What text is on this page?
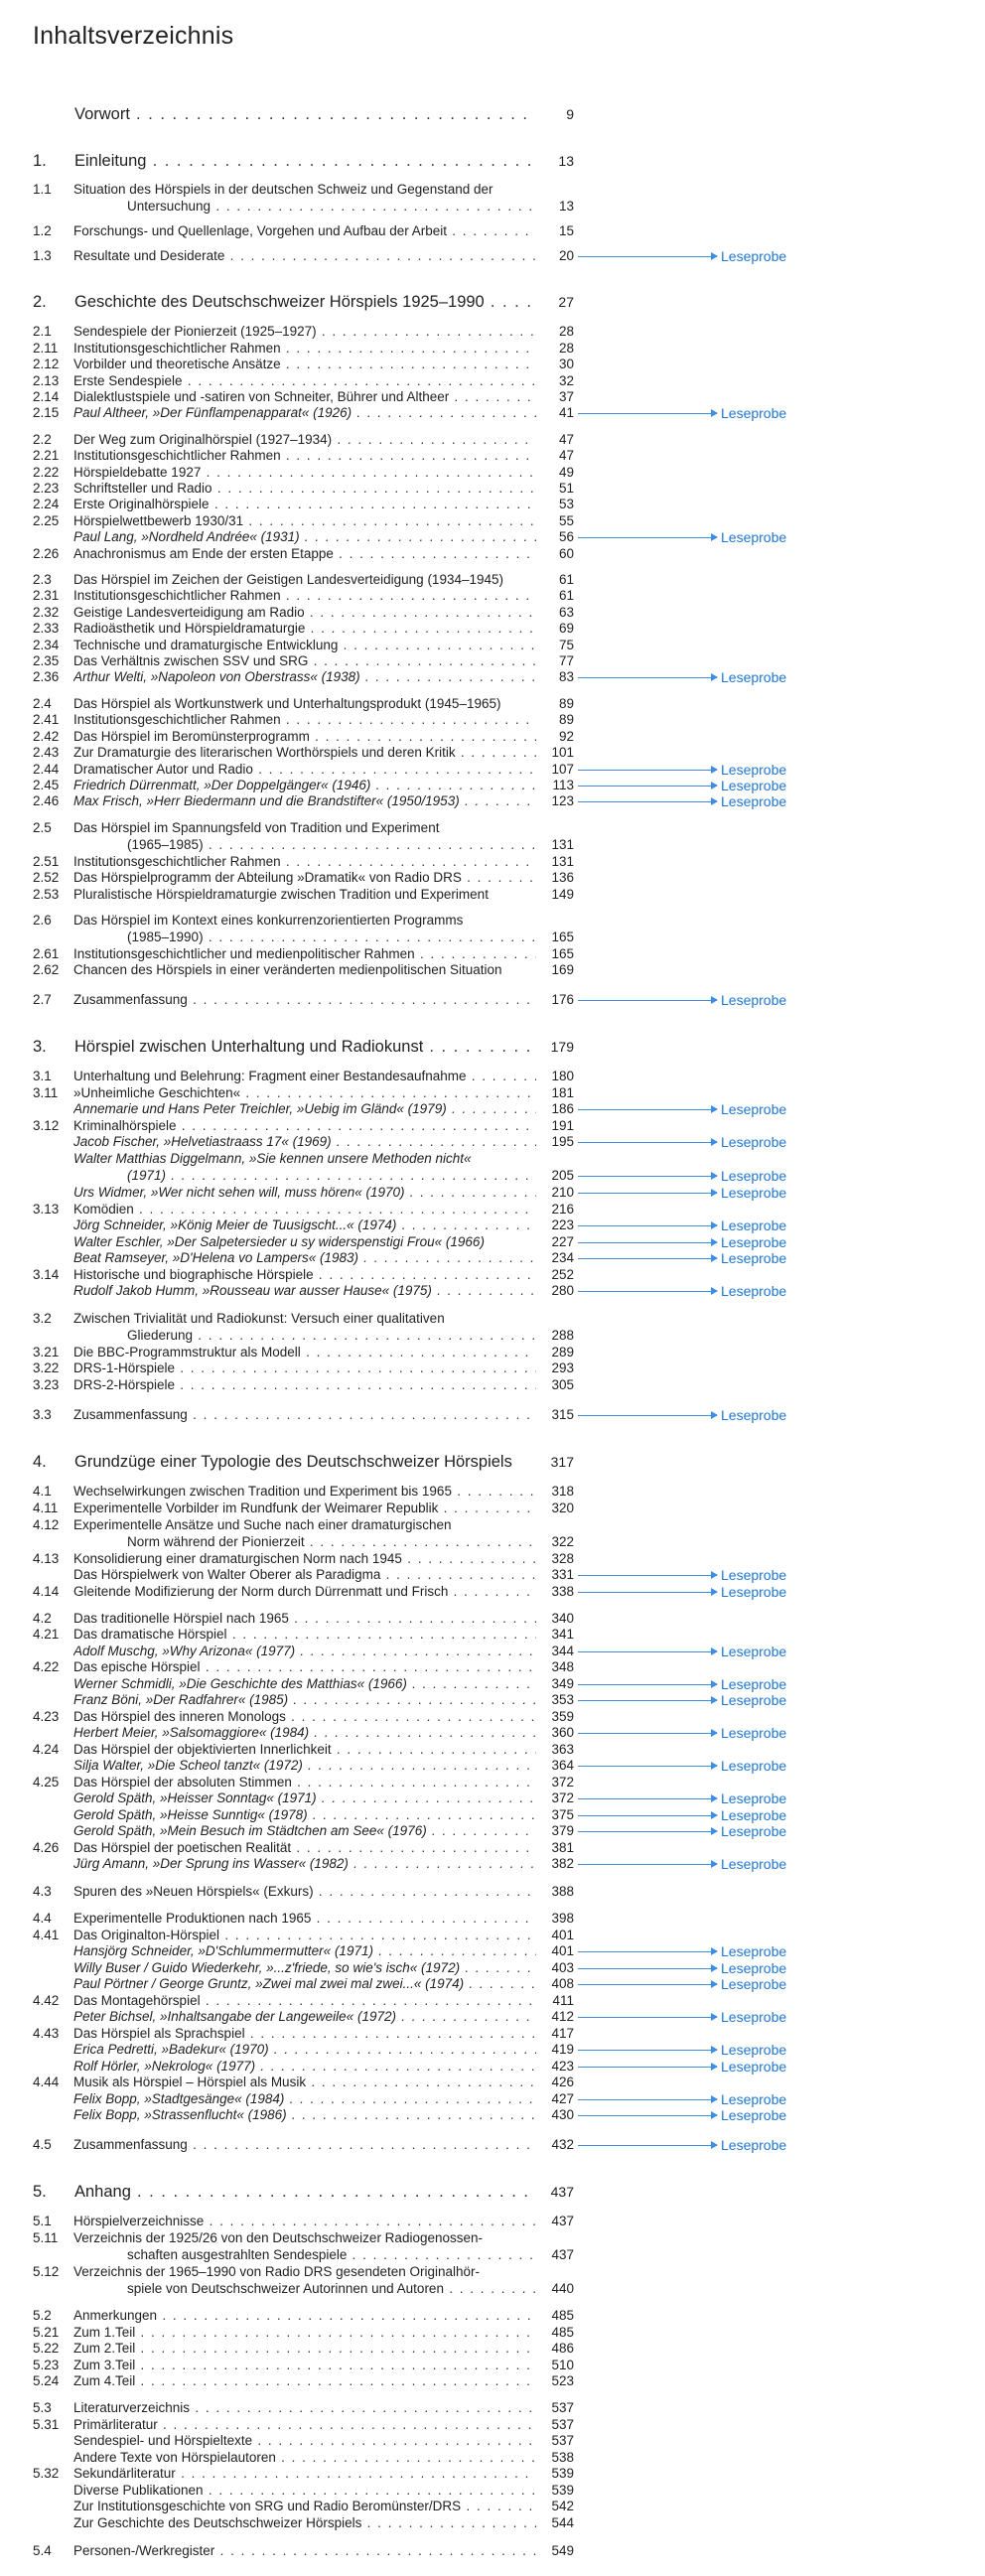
Inhaltsverzeichnis
Vorwort . . .	9
1. Einleitung . . .	13
1.1 Situation des Hörspiels in der deutschen Schweiz und Gegenstand der
Untersuchung . . .	13
1.2 Forschungs- und Quellenlage, Vorgehen und Aufbau der Arbeit . . .	15
1.3 Resultate und Desiderate . . .	20	Leseprobe
2. Geschichte des Deutschschweizer Hörspiels 1925–1990 . . .	27
2.1 Sendespiele der Pionierzeit (1925–1927) . . .	28
2.11 Institutionsgeschichtlicher Rahmen . . .	28
2.12 Vorbilder und theoretische Ansätze . . .	30
2.13 Erste Sendespiele . . .	32
2.14 Dialektlustspiele und -satiren von Schneiter, Bührer und Altheer . . .	37
2.15 Paul Altheer, »Der Fünflampenapparat« (1926) . . .	41	Leseprobe
2.2 Der Weg zum Originalhörspiel (1927–1934) . . .	47
2.21 Institutionsgeschichtlicher Rahmen . . .	47
2.22 Hörspieldebatte 1927 . . .	49
2.23 Schriftsteller und Radio . . .	51
2.24 Erste Originalhörspiele . . .	53
2.25 Hörspielwettbewerb 1930/31 . . .	55
Paul Lang, »Nordheld Andrée« (1931) . . .	56	Leseprobe
2.26 Anachronismus am Ende der ersten Etappe . . .	60
2.3 Das Hörspiel im Zeichen der Geistigen Landesverteidigung (1934–1945)	61
2.31 Institutionsgeschichtlicher Rahmen . . .	61
2.32 Geistige Landesverteidigung am Radio . . .	63
2.33 Radioästhetik und Hörspieldramaturgie . . .	69
2.34 Technische und dramaturgische Entwicklung . . .	75
2.35 Das Verhältnis zwischen SSV und SRG . . .	77
2.36 Arthur Welti, »Napoleon von Oberstrass« (1938) . . .	83	Leseprobe
2.4 Das Hörspiel als Wortkunstwerk und Unterhaltungsprodukt (1945–1965)	89
2.41 Institutionsgeschichtlicher Rahmen . . .	89
2.42 Das Hörspiel im Beromünsterprogramm . . .	92
2.43 Zur Dramaturgie des literarischen Worthörspiels und deren Kritik . . .	101
2.44 Dramatischer Autor und Radio . . .	107	Leseprobe
2.45 Friedrich Dürrenmatt, »Der Doppelgänger« (1946) . . .	113	Leseprobe
2.46 Max Frisch, »Herr Biedermann und die Brandstifter« (1950/1953) . . .	123	Leseprobe
2.5 Das Hörspiel im Spannungsfeld von Tradition und Experiment
(1965–1985) . . .	131
2.51 Institutionsgeschichtlicher Rahmen . . .	131
2.52 Das Hörspielprogramm der Abteilung »Dramatik« von Radio DRS . . .	136
2.53 Pluralistische Hörspieldramaturgie zwischen Tradition und Experiment	149
2.6 Das Hörspiel im Kontext eines konkurrenzorientierten Programms
(1985–1990) . . .	165
2.61 Institutionsgeschichtlicher und medienpolitischer Rahmen . . .	165
2.62 Chancen des Hörspiels in einer veränderten medienpolitischen Situation	169
2.7 Zusammenfassung . . .	176	Leseprobe
3. Hörspiel zwischen Unterhaltung und Radiokunst . . .	179
3.1 Unterhaltung und Belehrung: Fragment einer Bestandesaufnahme . . .	180
3.11 »Unheimliche Geschichten« . . .	181
Annemarie und Hans Peter Treichler, »Uebig im Gländ« (1979) . . .	186	Leseprobe
3.12 Kriminalhörspiele . . .	191
Jacob Fischer, »Helvetiastraass 17« (1969) . . .	195	Leseprobe
Walter Matthias Diggelmann, »Sie kennen unsere Methoden nicht«
(1971) . . .	205	Leseprobe
Urs Widmer, »Wer nicht sehen will, muss hören« (1970) . . .	210	Leseprobe
3.13 Komödien . . .	216
Jörg Schneider, »König Meier de Tuusigscht...« (1974) . . .	223	Leseprobe
Walter Eschler, »Der Salpetersieder u sy widerspenstigi Frou« (1966)	227	Leseprobe
Beat Ramseyer, »D'Helena vo Lampers« (1983) . . .	234	Leseprobe
3.14 Historische und biographische Hörspiele . . .	252
Rudolf Jakob Humm, »Rousseau war ausser Hause« (1975) . . .	280	Leseprobe
3.2 Zwischen Trivialität und Radiokunst: Versuch einer qualitativen
Gliederung . . .	288
3.21 Die BBC-Programmstruktur als Modell . . .	289
3.22 DRS-1-Hörspiele . . .	293
3.23 DRS-2-Hörspiele . . .	305
3.3 Zusammenfassung . . .	315	Leseprobe
4. Grundzüge einer Typologie des Deutschschweizer Hörspiels	317
4.1 Wechselwirkungen zwischen Tradition und Experiment bis 1965 . . .	318
4.11 Experimentelle Vorbilder im Rundfunk der Weimarer Republik . . .	320
4.12 Experimentelle Ansätze und Suche nach einer dramaturgischen
Norm während der Pionierzeit . . .	322
4.13 Konsolidierung einer dramaturgischen Norm nach 1945 . . .	328
Das Hörspielwerk von Walter Oberer als Paradigma . . .	331	Leseprobe
4.14 Gleitende Modifizierung der Norm durch Dürrenmatt und Frisch . . .	338	Leseprobe
4.2 Das traditionelle Hörspiel nach 1965 . . .	340
4.21 Das dramatische Hörspiel . . .	341
Adolf Muschg, »Why Arizona« (1977) . . .	344	Leseprobe
4.22 Das epische Hörspiel . . .	348
Werner Schmidli, »Die Geschichte des Matthias« (1966) . . .	349	Leseprobe
Franz Böni, »Der Radfahrer« (1985) . . .	353	Leseprobe
4.23 Das Hörspiel des inneren Monologs . . .	359
Herbert Meier, »Salsomaggiore« (1984) . . .	360	Leseprobe
4.24 Das Hörspiel der objektivierten Innerlichkeit . . .	363
Silja Walter, »Die Scheol tanzt« (1972) . . .	364	Leseprobe
4.25 Das Hörspiel der absoluten Stimmen . . .	372
Gerold Späth, »Heisser Sonntag« (1971) . . .	372	Leseprobe
Gerold Späth, »Heisse Sunntig« (1978) . . .	375	Leseprobe
Gerold Späth, »Mein Besuch im Städtchen am See« (1976) . . .	379	Leseprobe
4.26 Das Hörspiel der poetischen Realität . . .	381
Jürg Amann, »Der Sprung ins Wasser« (1982) . . .	382	Leseprobe
4.3 Spuren des »Neuen Hörspiels« (Exkurs) . . .	388
4.4 Experimentelle Produktionen nach 1965 . . .	398
4.41 Das Originalton-Hörspiel . . .	401
Hansjörg Schneider, »D'Schlummermutter« (1971) . . .	401	Leseprobe
Willy Buser / Guido Wiederkehr, »...z'friede, so wie's isch« (1972) . . .	403	Leseprobe
Paul Pörtner / George Gruntz, »Zwei mal zwei mal zwei...« (1974) . . .	408	Leseprobe
4.42 Das Montagehörspiel . . .	411
Peter Bichsel, »Inhaltsangabe der Langeweile« (1972) . . .	412	Leseprobe
4.43 Das Hörspiel als Sprachspiel . . .	417
Erica Pedretti, »Badekur« (1970) . . .	419	Leseprobe
Rolf Hörler, »Nekrolog« (1977) . . .	423	Leseprobe
4.44 Musik als Hörspiel – Hörspiel als Musik . . .	426
Felix Bopp, »Stadtgesänge« (1984) . . .	427	Leseprobe
Felix Bopp, »Strassenflucht« (1986) . . .	430	Leseprobe
4.5 Zusammenfassung . . .	432	Leseprobe
5. Anhang . . .	437
5.1 Hörspielverzeichnisse . . .	437
5.11 Verzeichnis der 1925/26 von den Deutschschweizer Radiogenossen-
schaften ausgestrahlten Sendespiele . . .	437
5.12 Verzeichnis der 1965–1990 von Radio DRS gesendeten Originalhör-
spiele von Deutschschweizer Autorinnen und Autoren . . .	440
5.2 Anmerkungen . . .	485
5.21 Zum 1.Teil . . .	485
5.22 Zum 2.Teil . . .	486
5.23 Zum 3.Teil . . .	510
5.24 Zum 4.Teil . . .	523
5.3 Literaturverzeichnis . . .	537
5.31 Primärliteratur . . .	537
Sendespiel- und Hörspieltexte . . .	537
Andere Texte von Hörspielautoren . . .	538
5.32 Sekundärliteratur . . .	539
Diverse Publikationen . . .	539
Zur Institutionsgeschichte von SRG und Radio Beromünster/DRS . . .	542
Zur Geschichte des Deutschschweizer Hörspiels . . .	544
5.4 Personen-/Werkregister . . .	549
